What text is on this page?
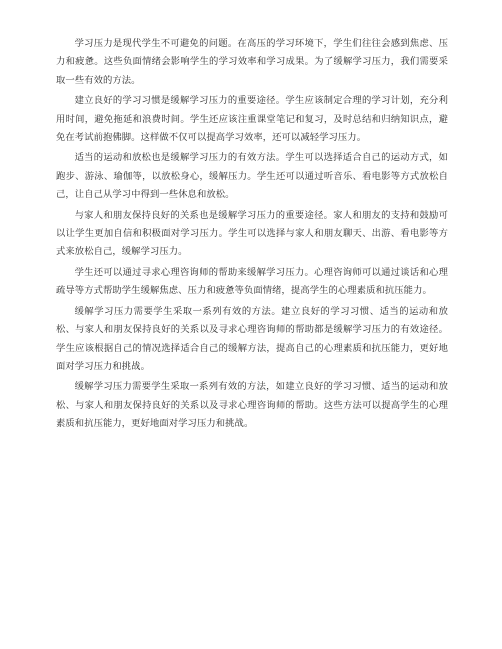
学习压力是现代学生不可避免的问题。在高压的学习环境下，学生们往往会感到焦虑、压力和疲惫。这些负面情绪会影响学生的学习效率和学习成果。为了缓解学习压力，我们需要采取一些有效的方法。

建立良好的学习习惯是缓解学习压力的重要途径。学生应该制定合理的学习计划，充分利用时间，避免拖延和浪费时间。学生还应该注重课堂笔记和复习，及时总结和归纳知识点，避免在考试前抱佛脚。这样做不仅可以提高学习效率，还可以减轻学习压力。

适当的运动和放松也是缓解学习压力的有效方法。学生可以选择适合自己的运动方式，如跑步、游泳、瑜伽等，以放松身心，缓解压力。学生还可以通过听音乐、看电影等方式放松自己，让自己从学习中得到一些休息和放松。

与家人和朋友保持良好的关系也是缓解学习压力的重要途径。家人和朋友的支持和鼓励可以让学生更加自信和积极面对学习压力。学生可以选择与家人和朋友聊天、出游、看电影等方式来放松自己，缓解学习压力。

学生还可以通过寻求心理咨询师的帮助来缓解学习压力。心理咨询师可以通过谈话和心理疏导等方式帮助学生缓解焦虑、压力和疲惫等负面情绪，提高学生的心理素质和抗压能力。

缓解学习压力需要学生采取一系列有效的方法。建立良好的学习习惯、适当的运动和放松、与家人和朋友保持良好的关系以及寻求心理咨询师的帮助都是缓解学习压力的有效途径。学生应该根据自己的情况选择适合自己的缓解方法，提高自己的心理素质和抗压能力，更好地面对学习压力和挑战。

缓解学习压力需要学生采取一系列有效的方法，如建立良好的学习习惯、适当的运动和放松、与家人和朋友保持良好的关系以及寻求心理咨询师的帮助。这些方法可以提高学生的心理素质和抗压能力，更好地面对学习压力和挑战。
